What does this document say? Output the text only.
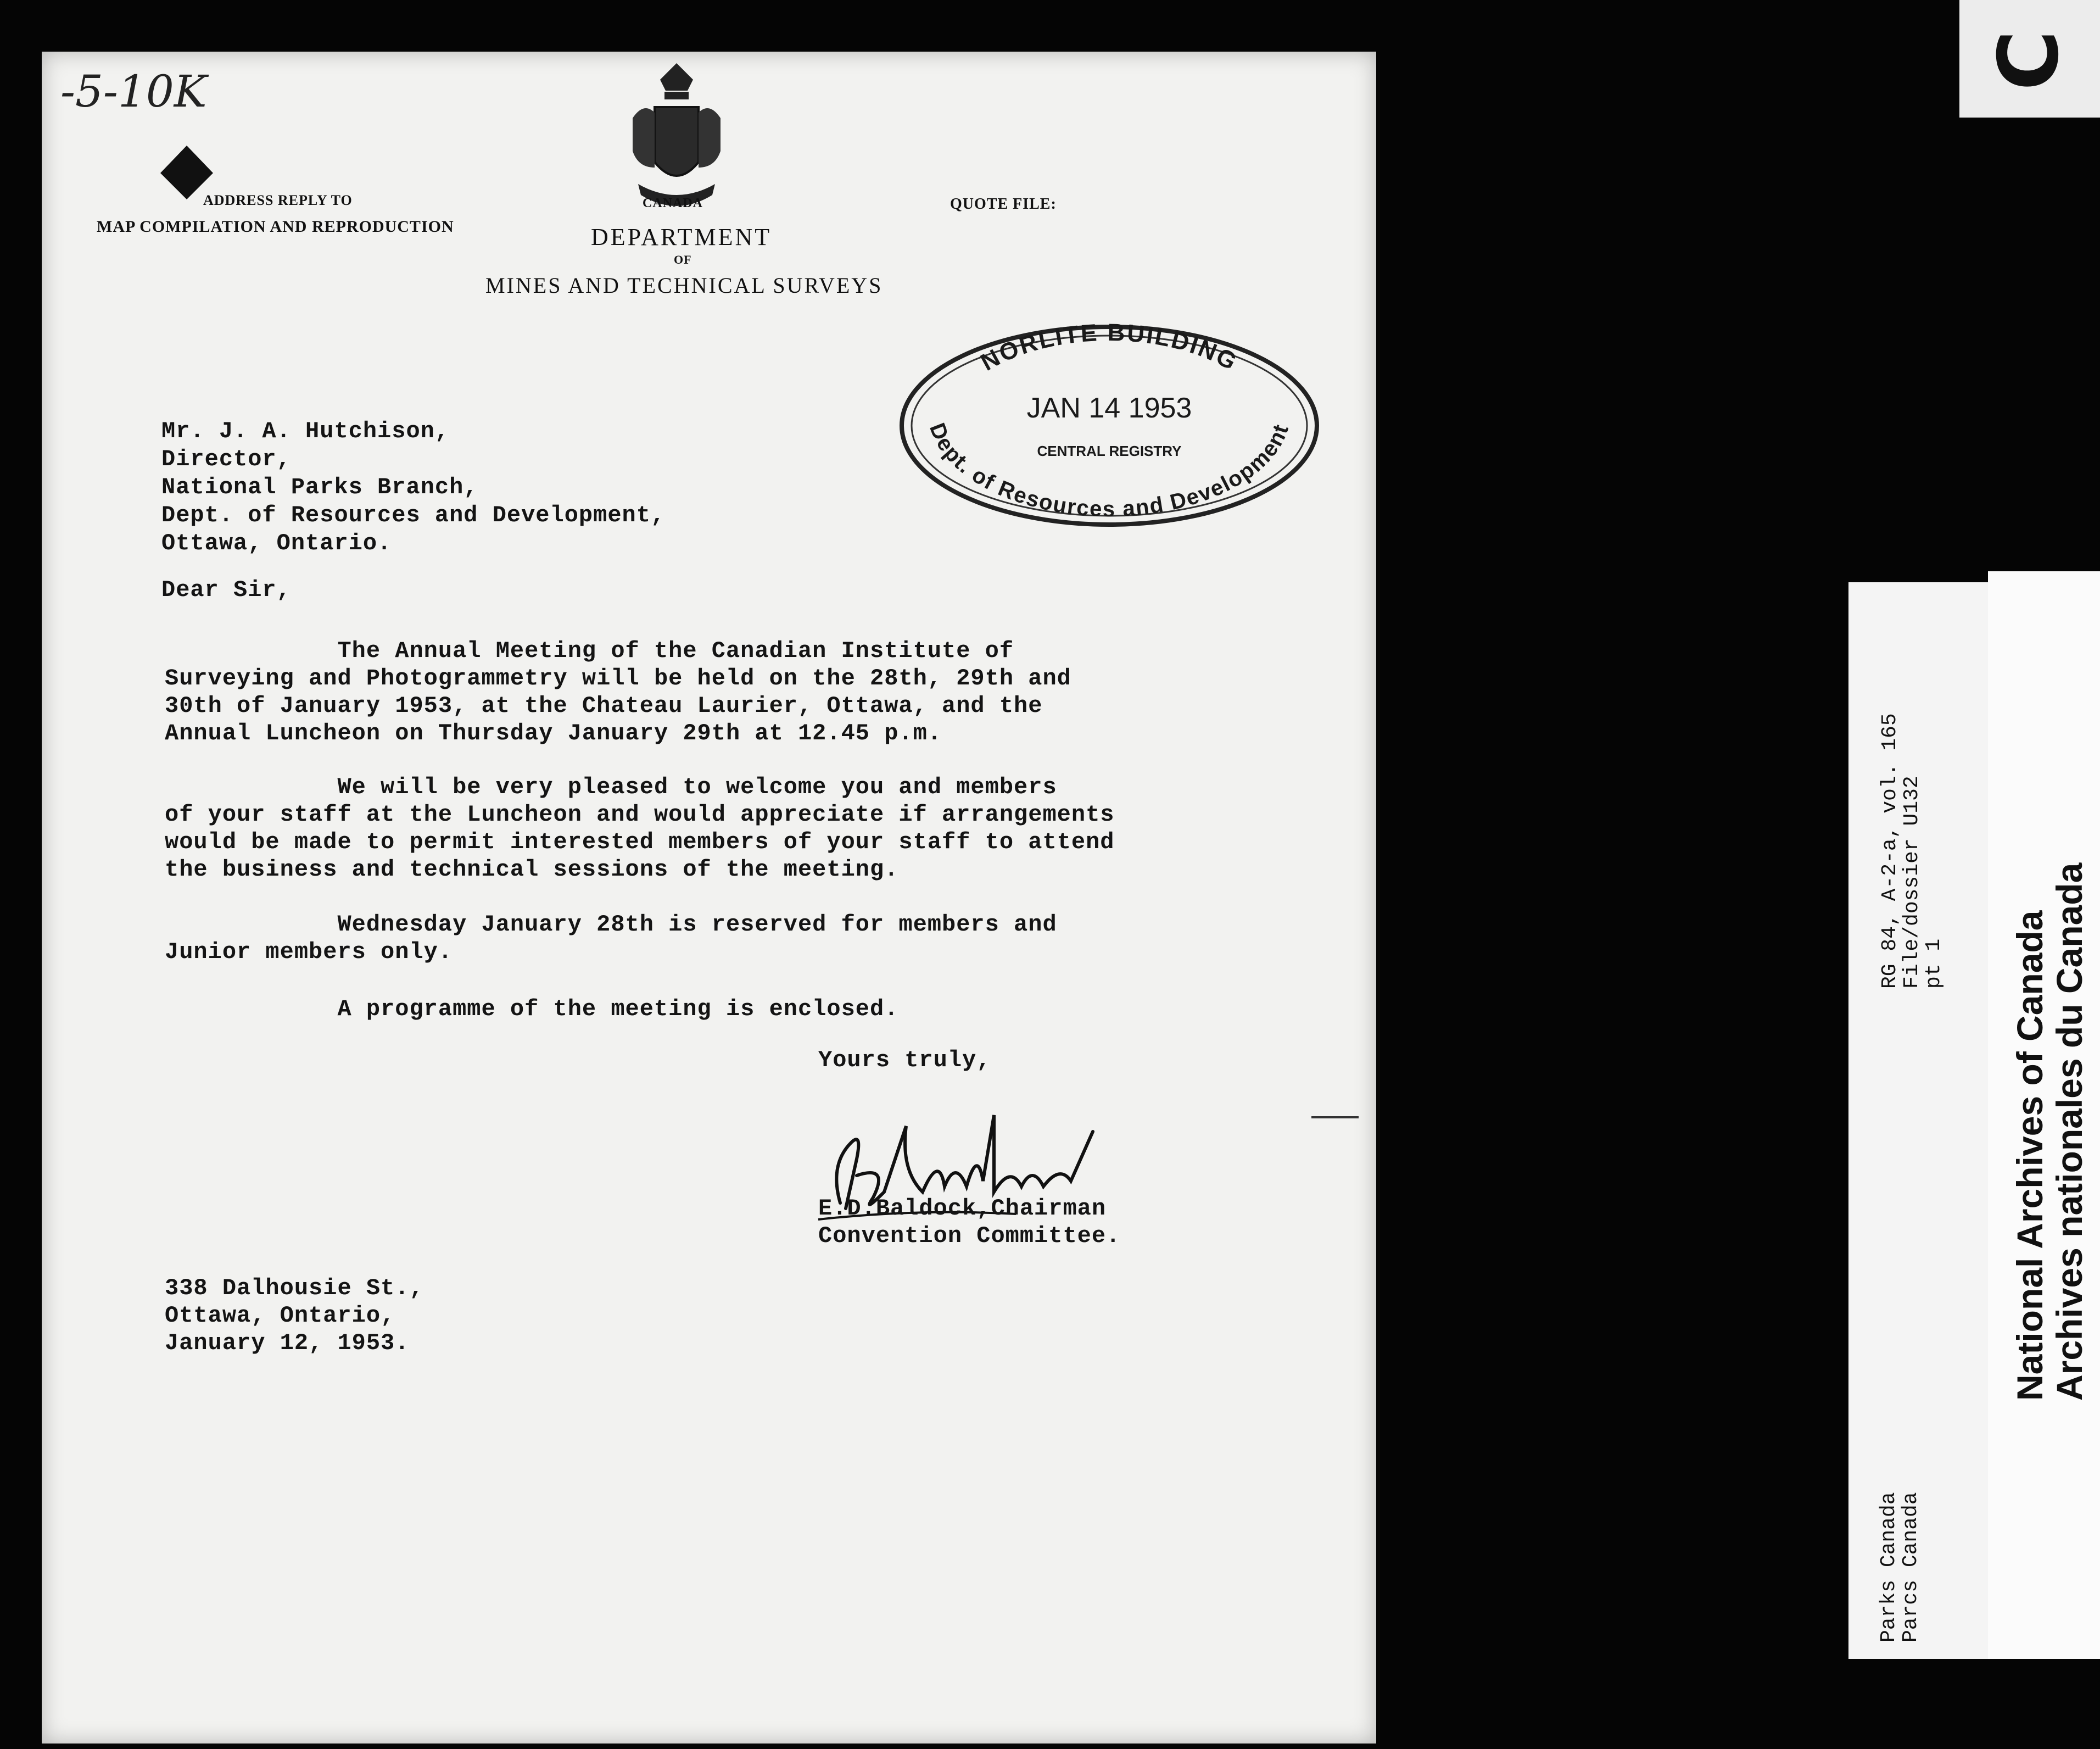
-5-10K
ADDRESS REPLY TO
MAP COMPILATION AND REPRODUCTION
CANADA
DEPARTMENT
OF
MINES AND TECHNICAL SURVEYS
QUOTE FILE:
NORLITE BUILDING
JAN 14 1953
CENTRAL REGISTRY
Dept. of Resources and Development
Mr. J. A. Hutchison,
Director,
National Parks Branch,
Dept. of Resources and Development,
Ottawa, Ontario.
Dear Sir,
The Annual Meeting of the Canadian Institute of
Surveying and Photogrammetry will be held on the 28th, 29th and
30th of January 1953, at the Chateau Laurier, Ottawa, and the
Annual Luncheon on Thursday January 29th at 12.45 p.m.
We will be very pleased to welcome you and members
of your staff at the Luncheon and would appreciate if arrangements
would be made to permit interested members of your staff to attend
the business and technical sessions of the meeting.
Wednesday January 28th is reserved for members and
Junior members only.
A programme of the meeting is enclosed.
Yours truly,
E.D.Baldock,Chairman
Convention Committee.
338 Dalhousie St.,
Ottawa, Ontario,
January 12, 1953.
C
RG 84, A-2-a, vol. 165
File/dossier U132
pt 1
Parks Canada
Parcs Canada
National Archives of Canada
Archives nationales du Canada
